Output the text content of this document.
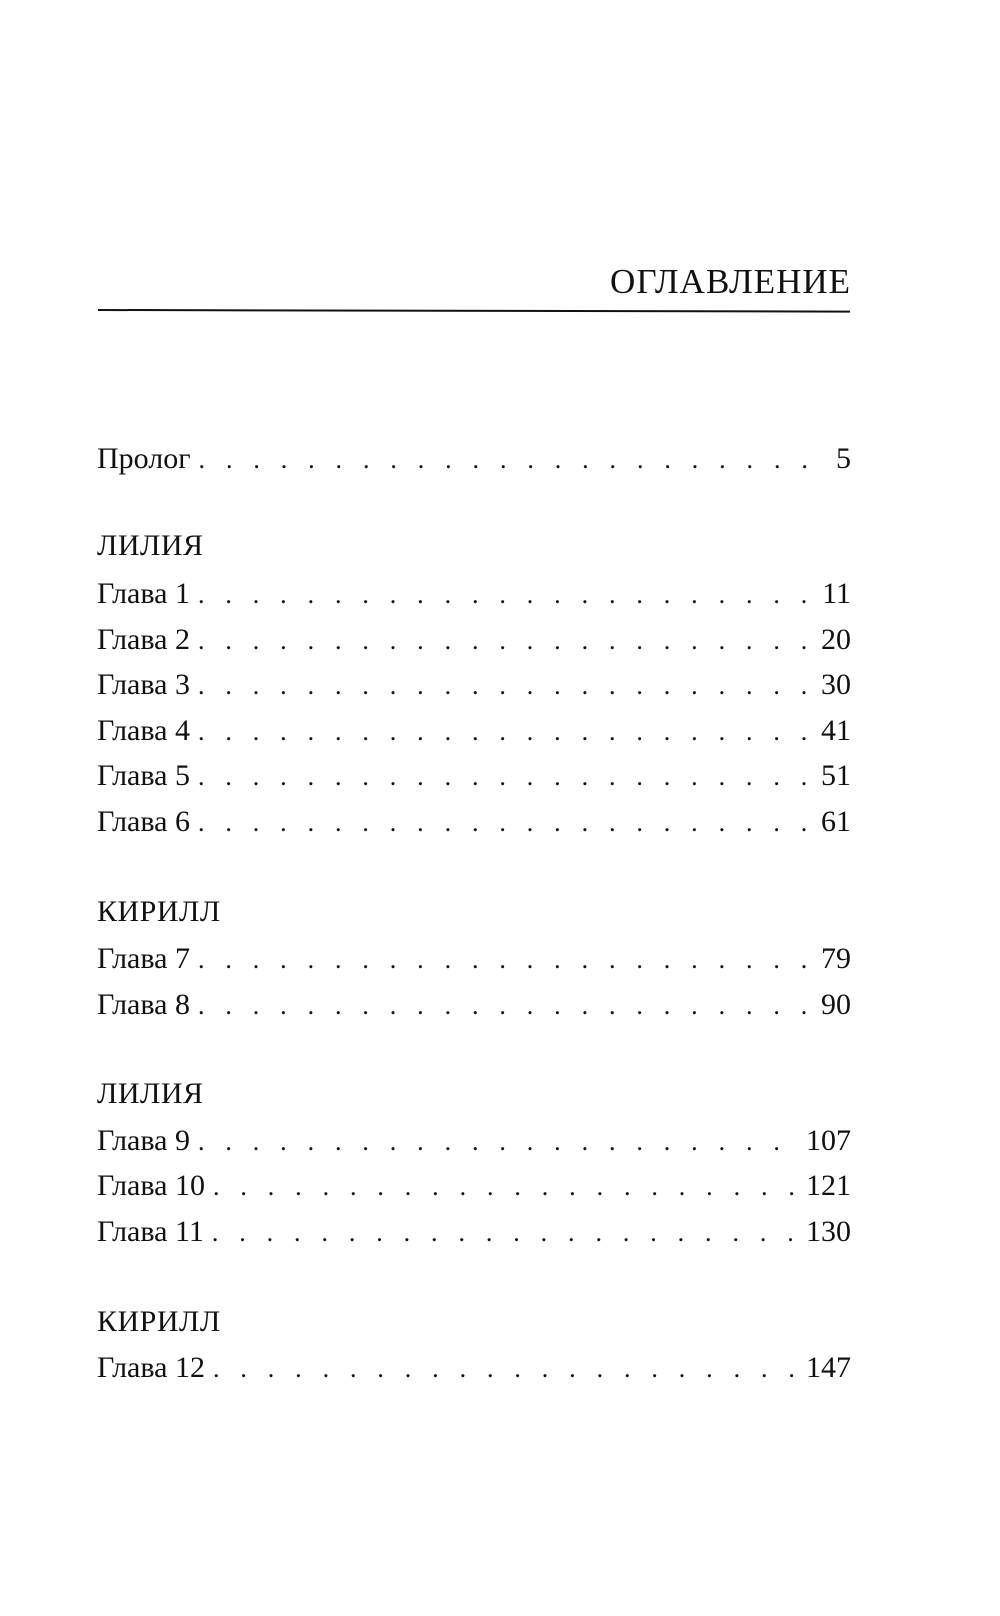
ОГЛАВЛЕНИЕ
Пролог . . .	5
ЛИЛИЯ
Глава 1 . . .	11
Глава 2 . . .	20
Глава 3 . . .	30
Глава 4 . . .	41
Глава 5 . . .	51
Глава 6 . . .	61
КИРИЛЛ
Глава 7 . . .	79
Глава 8 . . .	90
ЛИЛИЯ
Глава 9 . . .	107
Глава 10 . . .	121
Глава 11 . . .	130
КИРИЛЛ
Глава 12 . . .	147
